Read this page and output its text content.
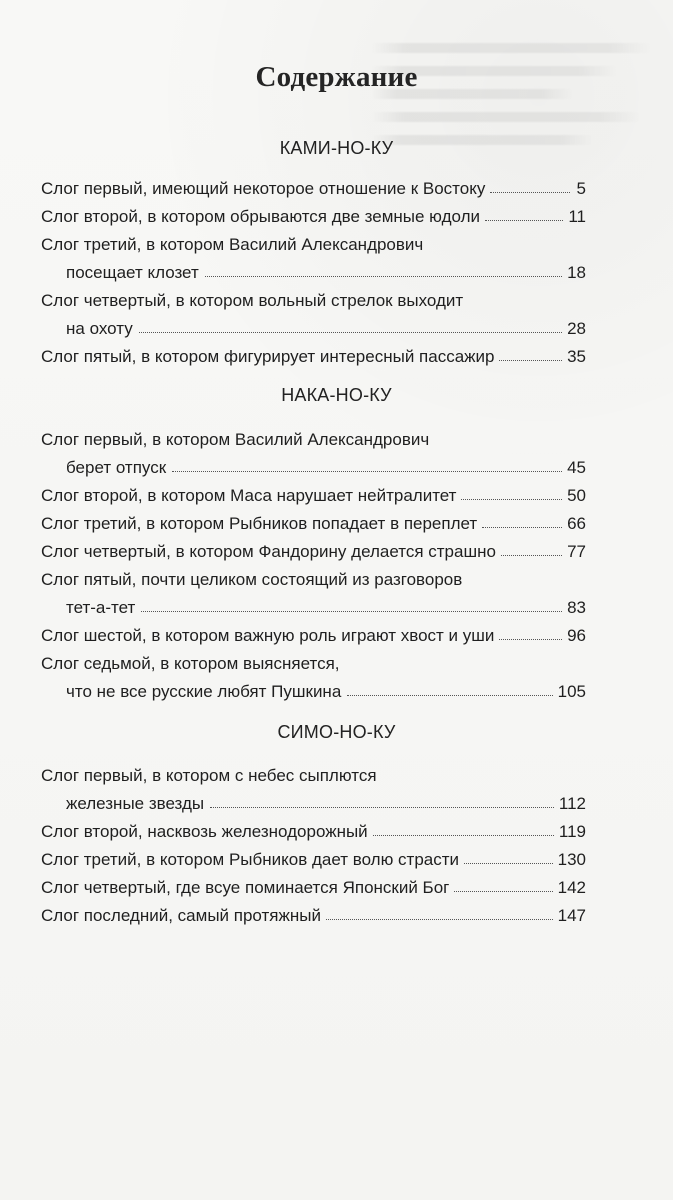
Содержание
КАМИ-НО-КУ
Слог первый, имеющий некоторое отношение к Востоку	5
Слог второй, в котором обрываются две земные юдоли	11
Слог третий, в котором Василий Александрович
посещает клозет	18
Слог четвертый, в котором вольный стрелок выходит
на охоту	28
Слог пятый, в котором фигурирует интересный пассажир	35
НАКА-НО-КУ
Слог первый, в котором Василий Александрович
берет отпуск	45
Слог второй, в котором Маса нарушает нейтралитет	50
Слог третий, в котором Рыбников попадает в переплет	66
Слог четвертый, в котором Фандорину делается страшно	77
Слог пятый, почти целиком состоящий из разговоров
тет-а-тет	83
Слог шестой, в котором важную роль играют хвост и уши	96
Слог седьмой, в котором выясняется,
что не все русские любят Пушкина	105
СИМО-НО-КУ
Слог первый, в котором с небес сыплются
железные звезды	112
Слог второй, насквозь железнодорожный	119
Слог третий, в котором Рыбников дает волю страсти	130
Слог четвертый, где всуе поминается Японский Бог	142
Слог последний, самый протяжный	147
